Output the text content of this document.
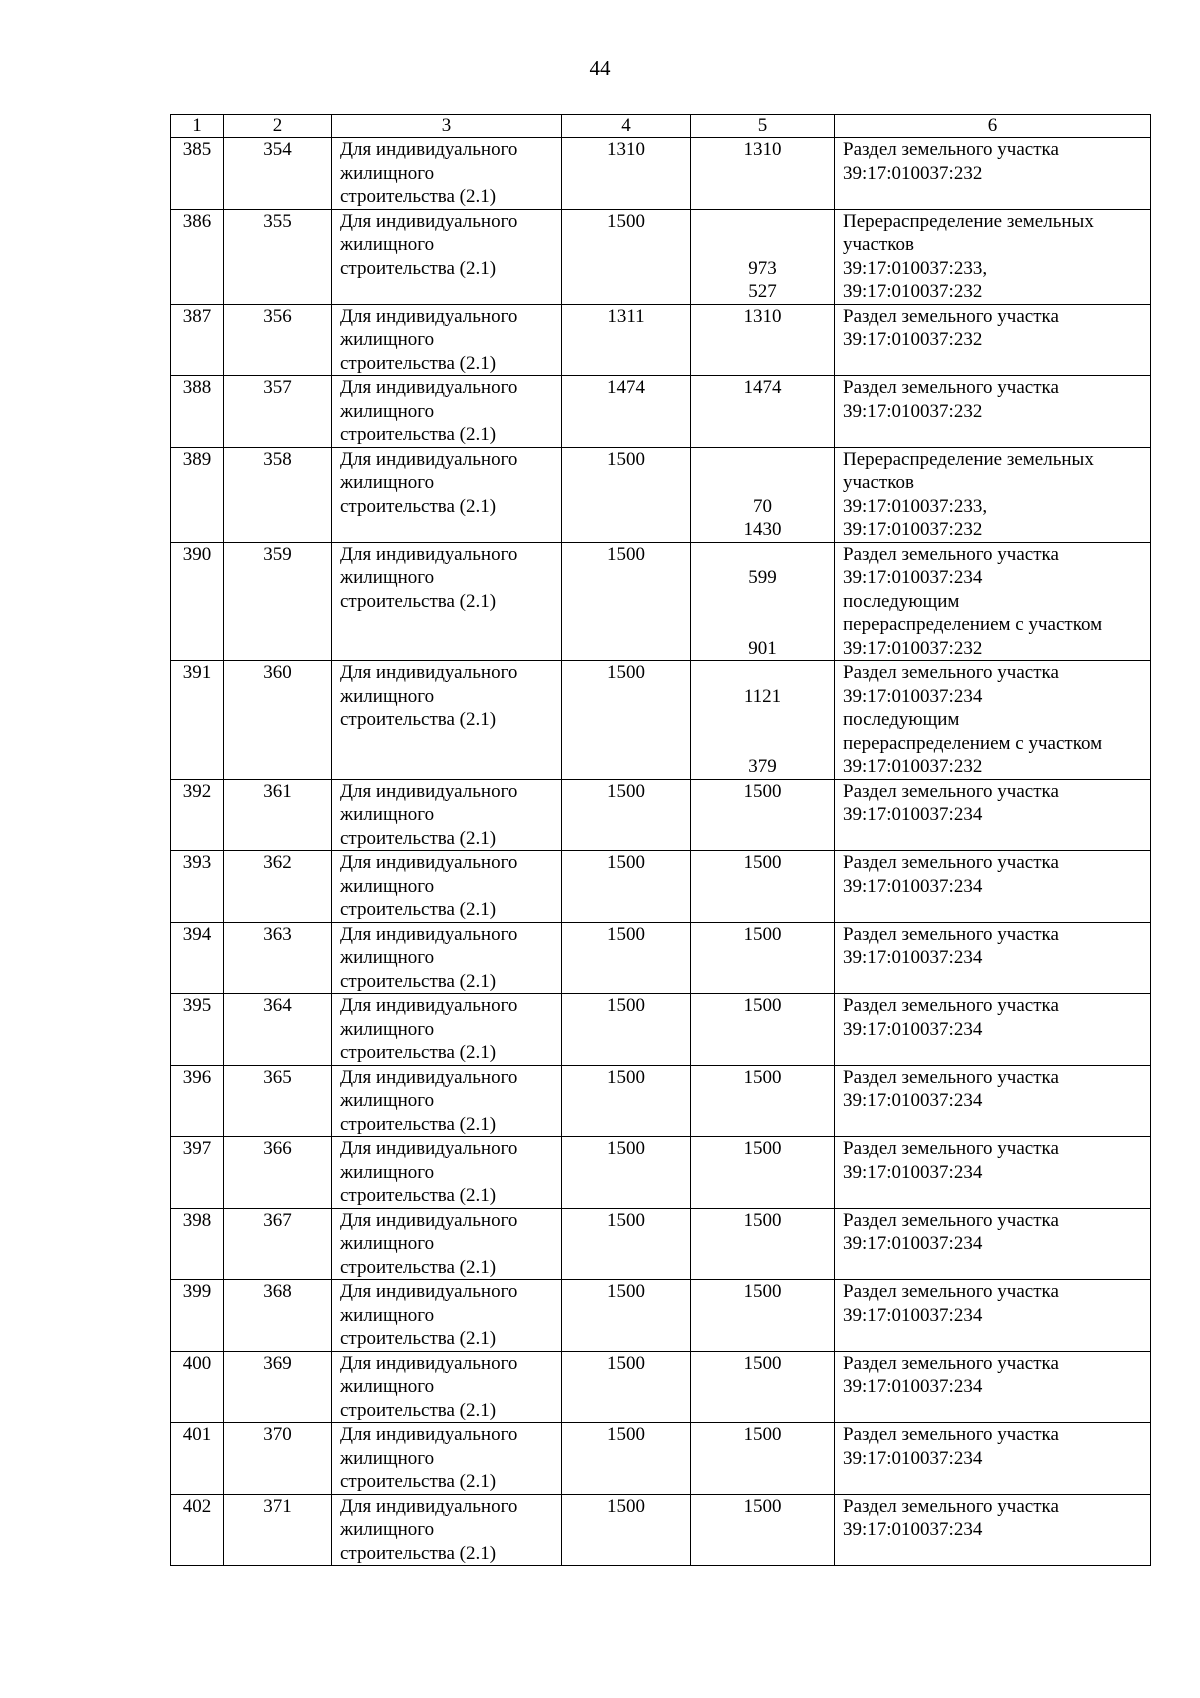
44
1	2	3	4	5	6
385	354	Для индивидуального
жилищного
строительства (2.1)	1310	1310	Раздел земельного участка
39:17:010037:232

386	355	Для индивидуального
жилищного
строительства (2.1)	1500	973
527	Перераспределение земельных
участков
39:17:010037:233,
39:17:010037:232

387	356	Для индивидуального
жилищного
строительства (2.1)	1311	1310	Раздел земельного участка
39:17:010037:232

388	357	Для индивидуального
жилищного
строительства (2.1)	1474	1474	Раздел земельного участка
39:17:010037:232

389	358	Для индивидуального
жилищного
строительства (2.1)	1500	70
1430	Перераспределение земельных
участков
39:17:010037:233,
39:17:010037:232

390	359	Для индивидуального
жилищного
строительства (2.1)	1500	599
901	Раздел земельного участка
39:17:010037:234
последующим
перераспределением с участком
39:17:010037:232

391	360	Для индивидуального
жилищного
строительства (2.1)	1500	1121
379	Раздел земельного участка
39:17:010037:234
последующим
перераспределением с участком
39:17:010037:232

392	361	Для индивидуального
жилищного
строительства (2.1)	1500	1500	Раздел земельного участка
39:17:010037:234

393	362	Для индивидуального
жилищного
строительства (2.1)	1500	1500	Раздел земельного участка
39:17:010037:234

394	363	Для индивидуального
жилищного
строительства (2.1)	1500	1500	Раздел земельного участка
39:17:010037:234

395	364	Для индивидуального
жилищного
строительства (2.1)	1500	1500	Раздел земельного участка
39:17:010037:234

396	365	Для индивидуального
жилищного
строительства (2.1)	1500	1500	Раздел земельного участка
39:17:010037:234

397	366	Для индивидуального
жилищного
строительства (2.1)	1500	1500	Раздел земельного участка
39:17:010037:234

398	367	Для индивидуального
жилищного
строительства (2.1)	1500	1500	Раздел земельного участка
39:17:010037:234

399	368	Для индивидуального
жилищного
строительства (2.1)	1500	1500	Раздел земельного участка
39:17:010037:234

400	369	Для индивидуального
жилищного
строительства (2.1)	1500	1500	Раздел земельного участка
39:17:010037:234

401	370	Для индивидуального
жилищного
строительства (2.1)	1500	1500	Раздел земельного участка
39:17:010037:234

402	371	Для индивидуального
жилищного
строительства (2.1)	1500	1500	Раздел земельного участка
39:17:010037:234
